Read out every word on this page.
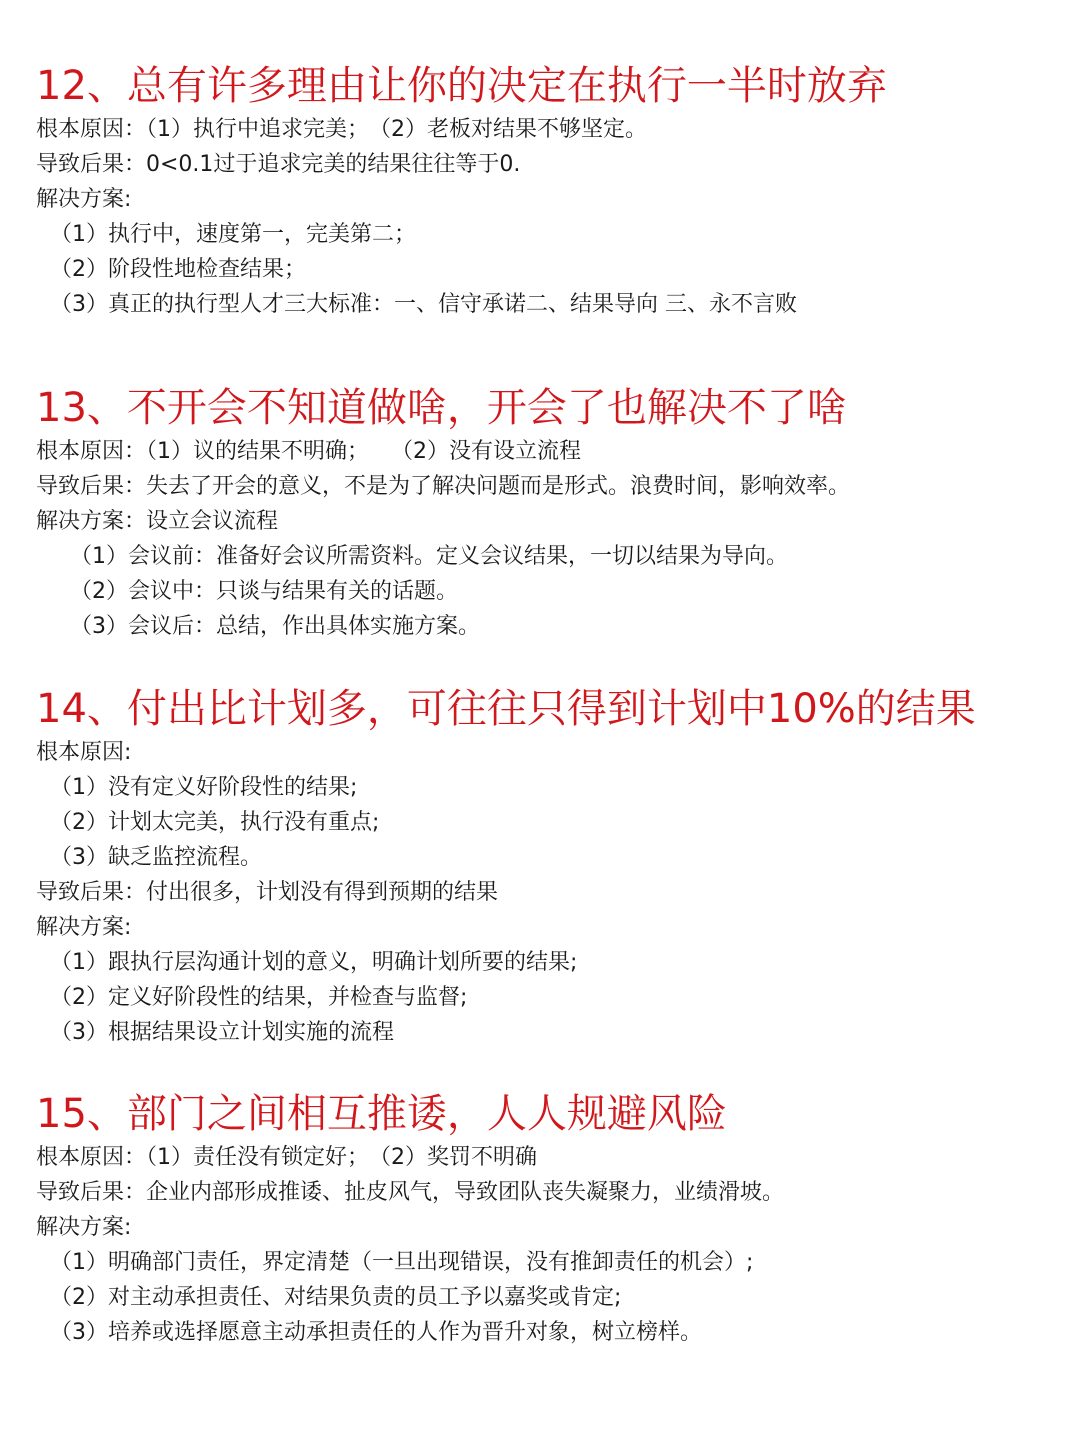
12、总有许多理由让你的决定在执行一半时放弃
根本原因：（1）执行中追求完美；　（2）老板对结果不够坚定。
导致后果：0<0.1过于追求完美的结果往往等于0.
解决方案:
（1）执行中，速度第一，完美第二；
（2）阶段性地检查结果；
（3）真正的执行型人才三大标准：一、信守承诺二、结果导向 三、永不言败
13、不开会不知道做啥，开会了也解决不了啥
根本原因：（1）议的结果不明确；　　（2）没有设立流程
导致后果：失去了开会的意义，不是为了解决问题而是形式。浪费时间，影响效率。
解决方案：设立会议流程
（1）会议前：准备好会议所需资料。定义会议结果，一切以结果为导向。
（2）会议中：只谈与结果有关的话题。
（3）会议后：总结，作出具体实施方案。
14、付出比计划多，可往往只得到计划中10%的结果
根本原因:
（1）没有定义好阶段性的结果;
（2）计划太完美，执行没有重点;
（3）缺乏监控流程。
导致后果：付出很多，计划没有得到预期的结果
解决方案:
（1）跟执行层沟通计划的意义，明确计划所要的结果;
（2）定义好阶段性的结果，并检查与监督;
（3）根据结果设立计划实施的流程
15、部门之间相互推诿，人人规避风险
根本原因：（1）责任没有锁定好；　（2）奖罚不明确
导致后果：企业内部形成推诿、扯皮风气，导致团队丧失凝聚力，业绩滑坡。
解决方案:
（1）明确部门责任，界定清楚（一旦出现错误，没有推卸责任的机会）;
（2）对主动承担责任、对结果负责的员工予以嘉奖或肯定;
（3）培养或选择愿意主动承担责任的人作为晋升对象，树立榜样。
